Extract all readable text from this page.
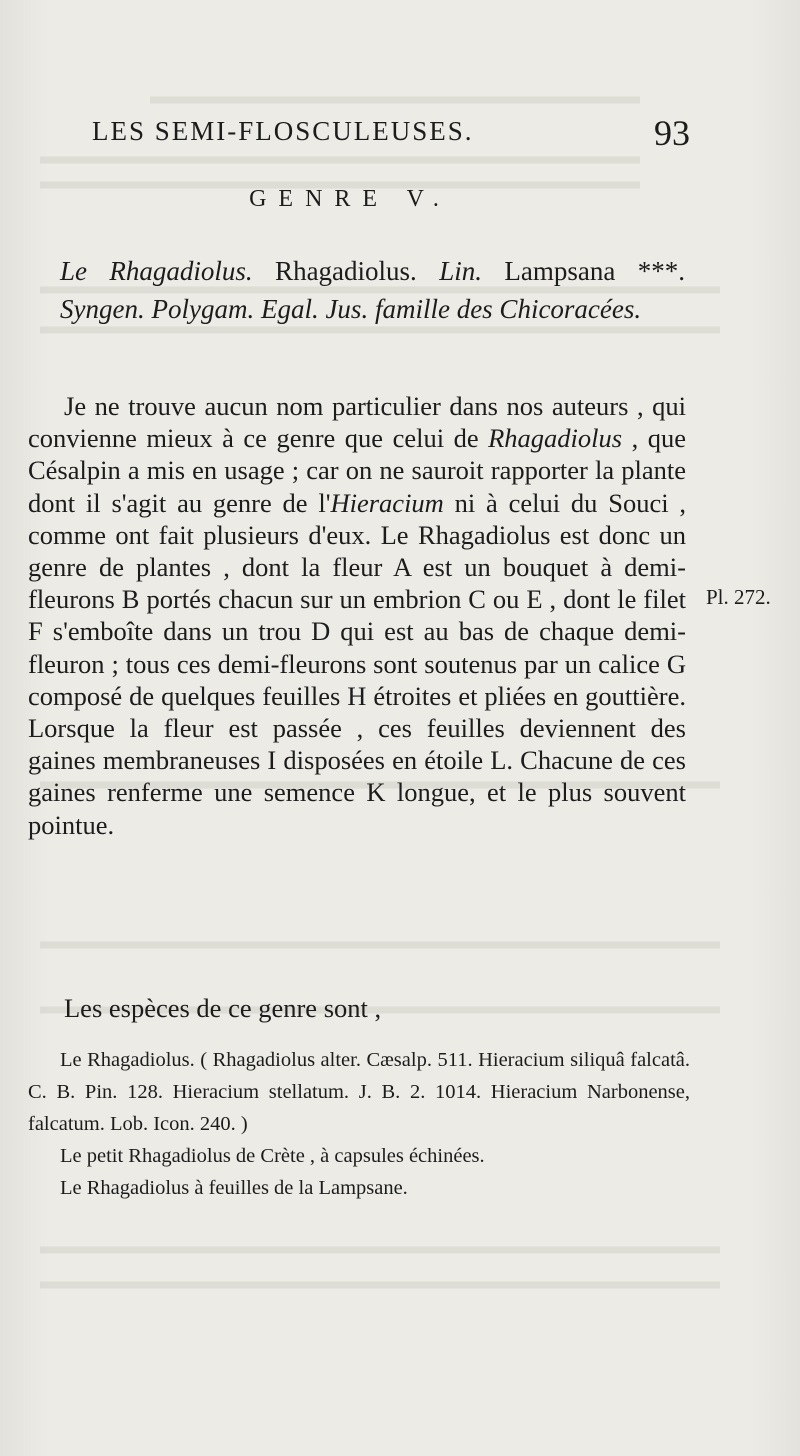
LES SEMI-FLOSCULEUSES.	93
GENRE V.
Le Rhagadiolus. Rhagadiolus. Lin. Lampsana ***. Syngen. Polygam. Egal. Jus. famille des Chicoracées.
Je ne trouve aucun nom particulier dans nos auteurs , qui convienne mieux à ce genre que celui de Rhagadiolus , que Césalpin a mis en usage ; car on ne sauroit rapporter la plante dont il s'agit au genre de l'Hieracium ni à celui du Souci , comme ont fait plusieurs d'eux. Le Rhagadiolus est donc un genre de plantes , dont la fleur A est un bouquet à demi-fleurons B portés chacun sur un embrion C ou E , dont le filet F s'emboîte dans un trou D qui est au bas de chaque demi-fleuron ; tous ces demi-fleurons sont soutenus par un calice G composé de quelques feuilles H étroites et pliées en gouttière. Lorsque la fleur est passée , ces feuilles deviennent des gaines membraneuses I disposées en étoile L. Chacune de ces gaines renferme une semence K longue, et le plus souvent pointue.
Pl. 272.
Les espèces de ce genre sont ,
Le Rhagadiolus. ( Rhagadiolus alter. Cæsalp. 511. Hieracium siliquâ falcatâ. C. B. Pin. 128. Hieracium stellatum. J. B. 2. 1014. Hieracium Narbonense, falcatum. Lob. Icon. 240. )
Le petit Rhagadiolus de Crète , à capsules échinées.
Le Rhagadiolus à feuilles de la Lampsane.
